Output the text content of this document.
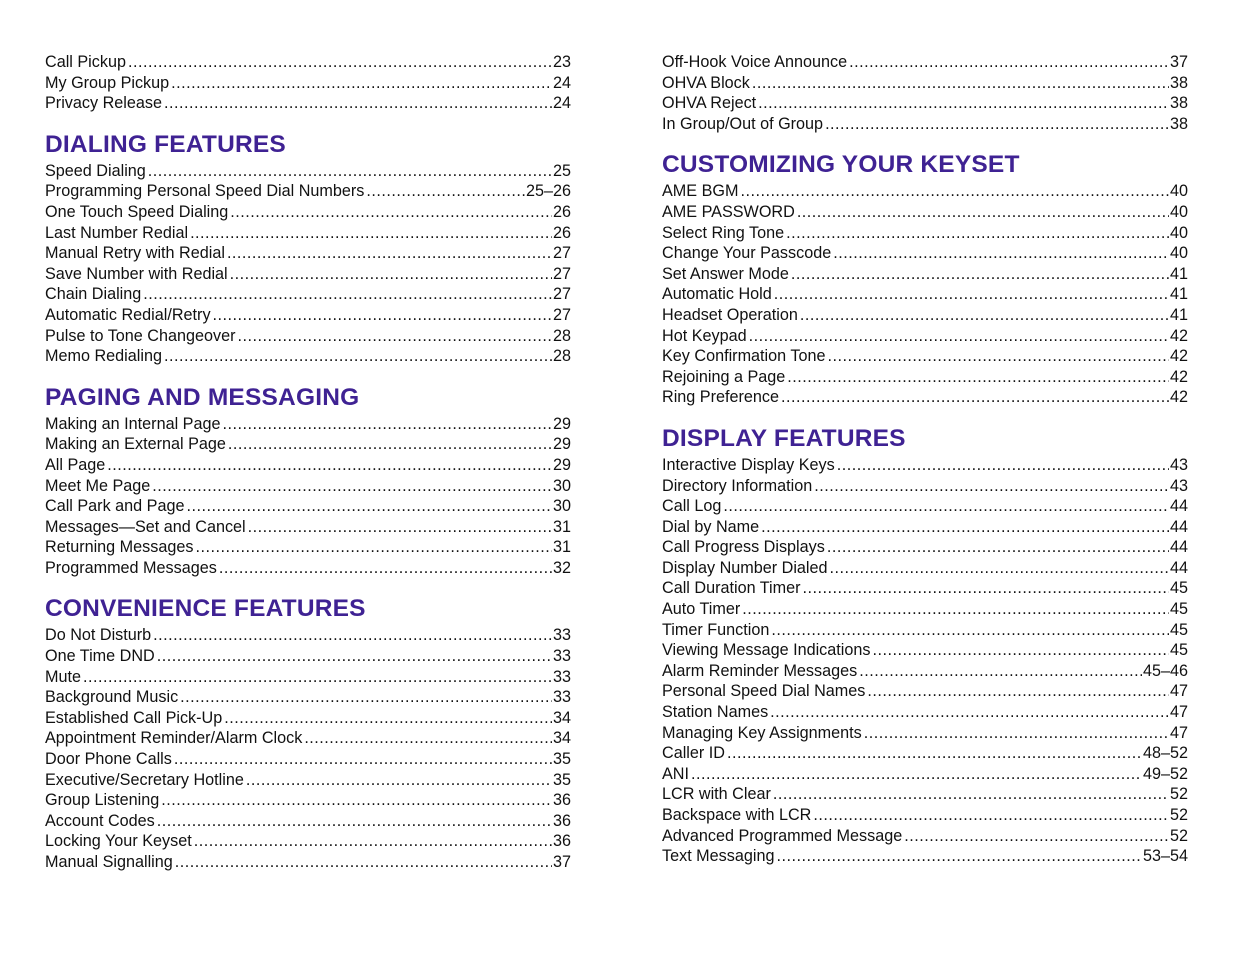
Call Pickup .....	23
My Group Pickup .....	24
Privacy Release .....	24
DIALING FEATURES
Speed Dialing .....	25
Programming Personal Speed Dial Numbers .....	25–26
One Touch Speed Dialing .....	26
Last Number Redial .....	26
Manual Retry with Redial .....	27
Save Number with Redial .....	27
Chain Dialing .....	27
Automatic Redial/Retry .....	27
Pulse to Tone Changeover .....	28
Memo Redialing .....	28
PAGING AND MESSAGING
Making an Internal Page .....	29
Making an External Page .....	29
All Page .....	29
Meet Me Page .....	30
Call Park and Page .....	30
Messages—Set and Cancel .....	31
Returning Messages .....	31
Programmed Messages .....	32
CONVENIENCE FEATURES
Do Not Disturb .....	33
One Time DND .....	33
Mute .....	33
Background Music .....	33
Established Call Pick-Up .....	34
Appointment Reminder/Alarm Clock .....	34
Door Phone Calls .....	35
Executive/Secretary Hotline .....	35
Group Listening .....	36
Account Codes .....	36
Locking Your Keyset .....	36
Manual Signalling .....	37
Off-Hook Voice Announce .....	37
OHVA Block .....	38
OHVA Reject .....	38
In Group/Out of Group .....	38
CUSTOMIZING YOUR KEYSET
AME BGM .....	40
AME PASSWORD .....	40
Select Ring Tone .....	40
Change Your Passcode .....	40
Set Answer Mode .....	41
Automatic Hold .....	41
Headset Operation .....	41
Hot Keypad .....	42
Key Confirmation Tone .....	42
Rejoining a Page .....	42
Ring Preference .....	42
DISPLAY FEATURES
Interactive Display Keys .....	43
Directory Information .....	43
Call Log .....	44
Dial by Name .....	44
Call Progress Displays .....	44
Display Number Dialed .....	44
Call Duration Timer .....	45
Auto Timer .....	45
Timer Function .....	45
Viewing Message Indications .....	45
Alarm Reminder Messages .....	45–46
Personal Speed Dial Names .....	47
Station Names .....	47
Managing Key Assignments .....	47
Caller ID .....	48–52
ANI .....	49–52
LCR with Clear .....	52
Backspace with LCR .....	52
Advanced Programmed Message .....	52
Text Messaging .....	53–54
